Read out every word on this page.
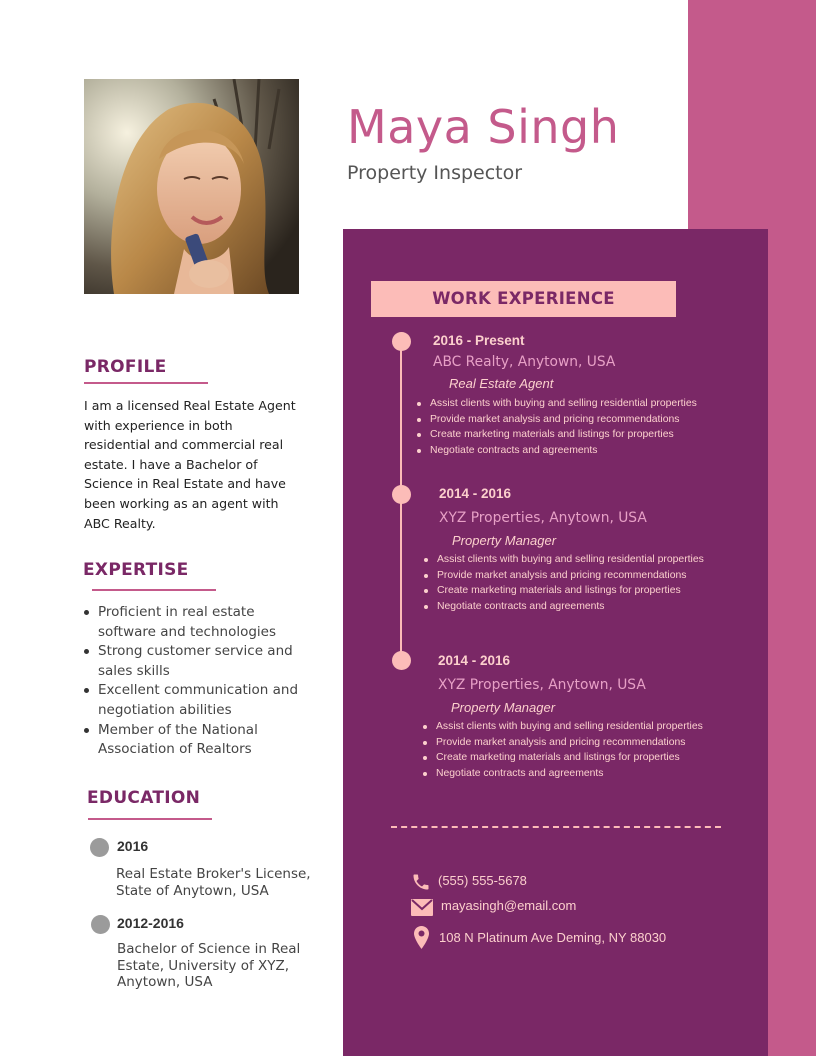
Maya Singh
Property Inspector
PROFILE
I am a licensed Real Estate Agent with experience in both residential and commercial real estate. I have a Bachelor of Science in Real Estate and have been working as an agent with ABC Realty.
EXPERTISE
Proficient in real estate software and technologies
Strong customer service and sales skills
Excellent communication and negotiation abilities
Member of the National Association of Realtors
EDUCATION
2016
Real Estate Broker's License, State of Anytown, USA
2012-2016
Bachelor of Science in Real Estate, University of XYZ, Anytown, USA
WORK EXPERIENCE
2016 - Present
ABC Realty, Anytown, USA
Real Estate Agent
Assist clients with buying and selling residential properties
Provide market analysis and pricing recommendations
Create marketing materials and listings for properties
Negotiate contracts and agreements
2014 - 2016
XYZ Properties, Anytown, USA
Property Manager
Assist clients with buying and selling residential properties
Provide market analysis and pricing recommendations
Create marketing materials and listings for properties
Negotiate contracts and agreements
2014 - 2016
XYZ Properties, Anytown, USA
Property Manager
Assist clients with buying and selling residential properties
Provide market analysis and pricing recommendations
Create marketing materials and listings for properties
Negotiate contracts and agreements
(555) 555-5678
mayasingh@email.com
108 N Platinum Ave Deming, NY 88030
